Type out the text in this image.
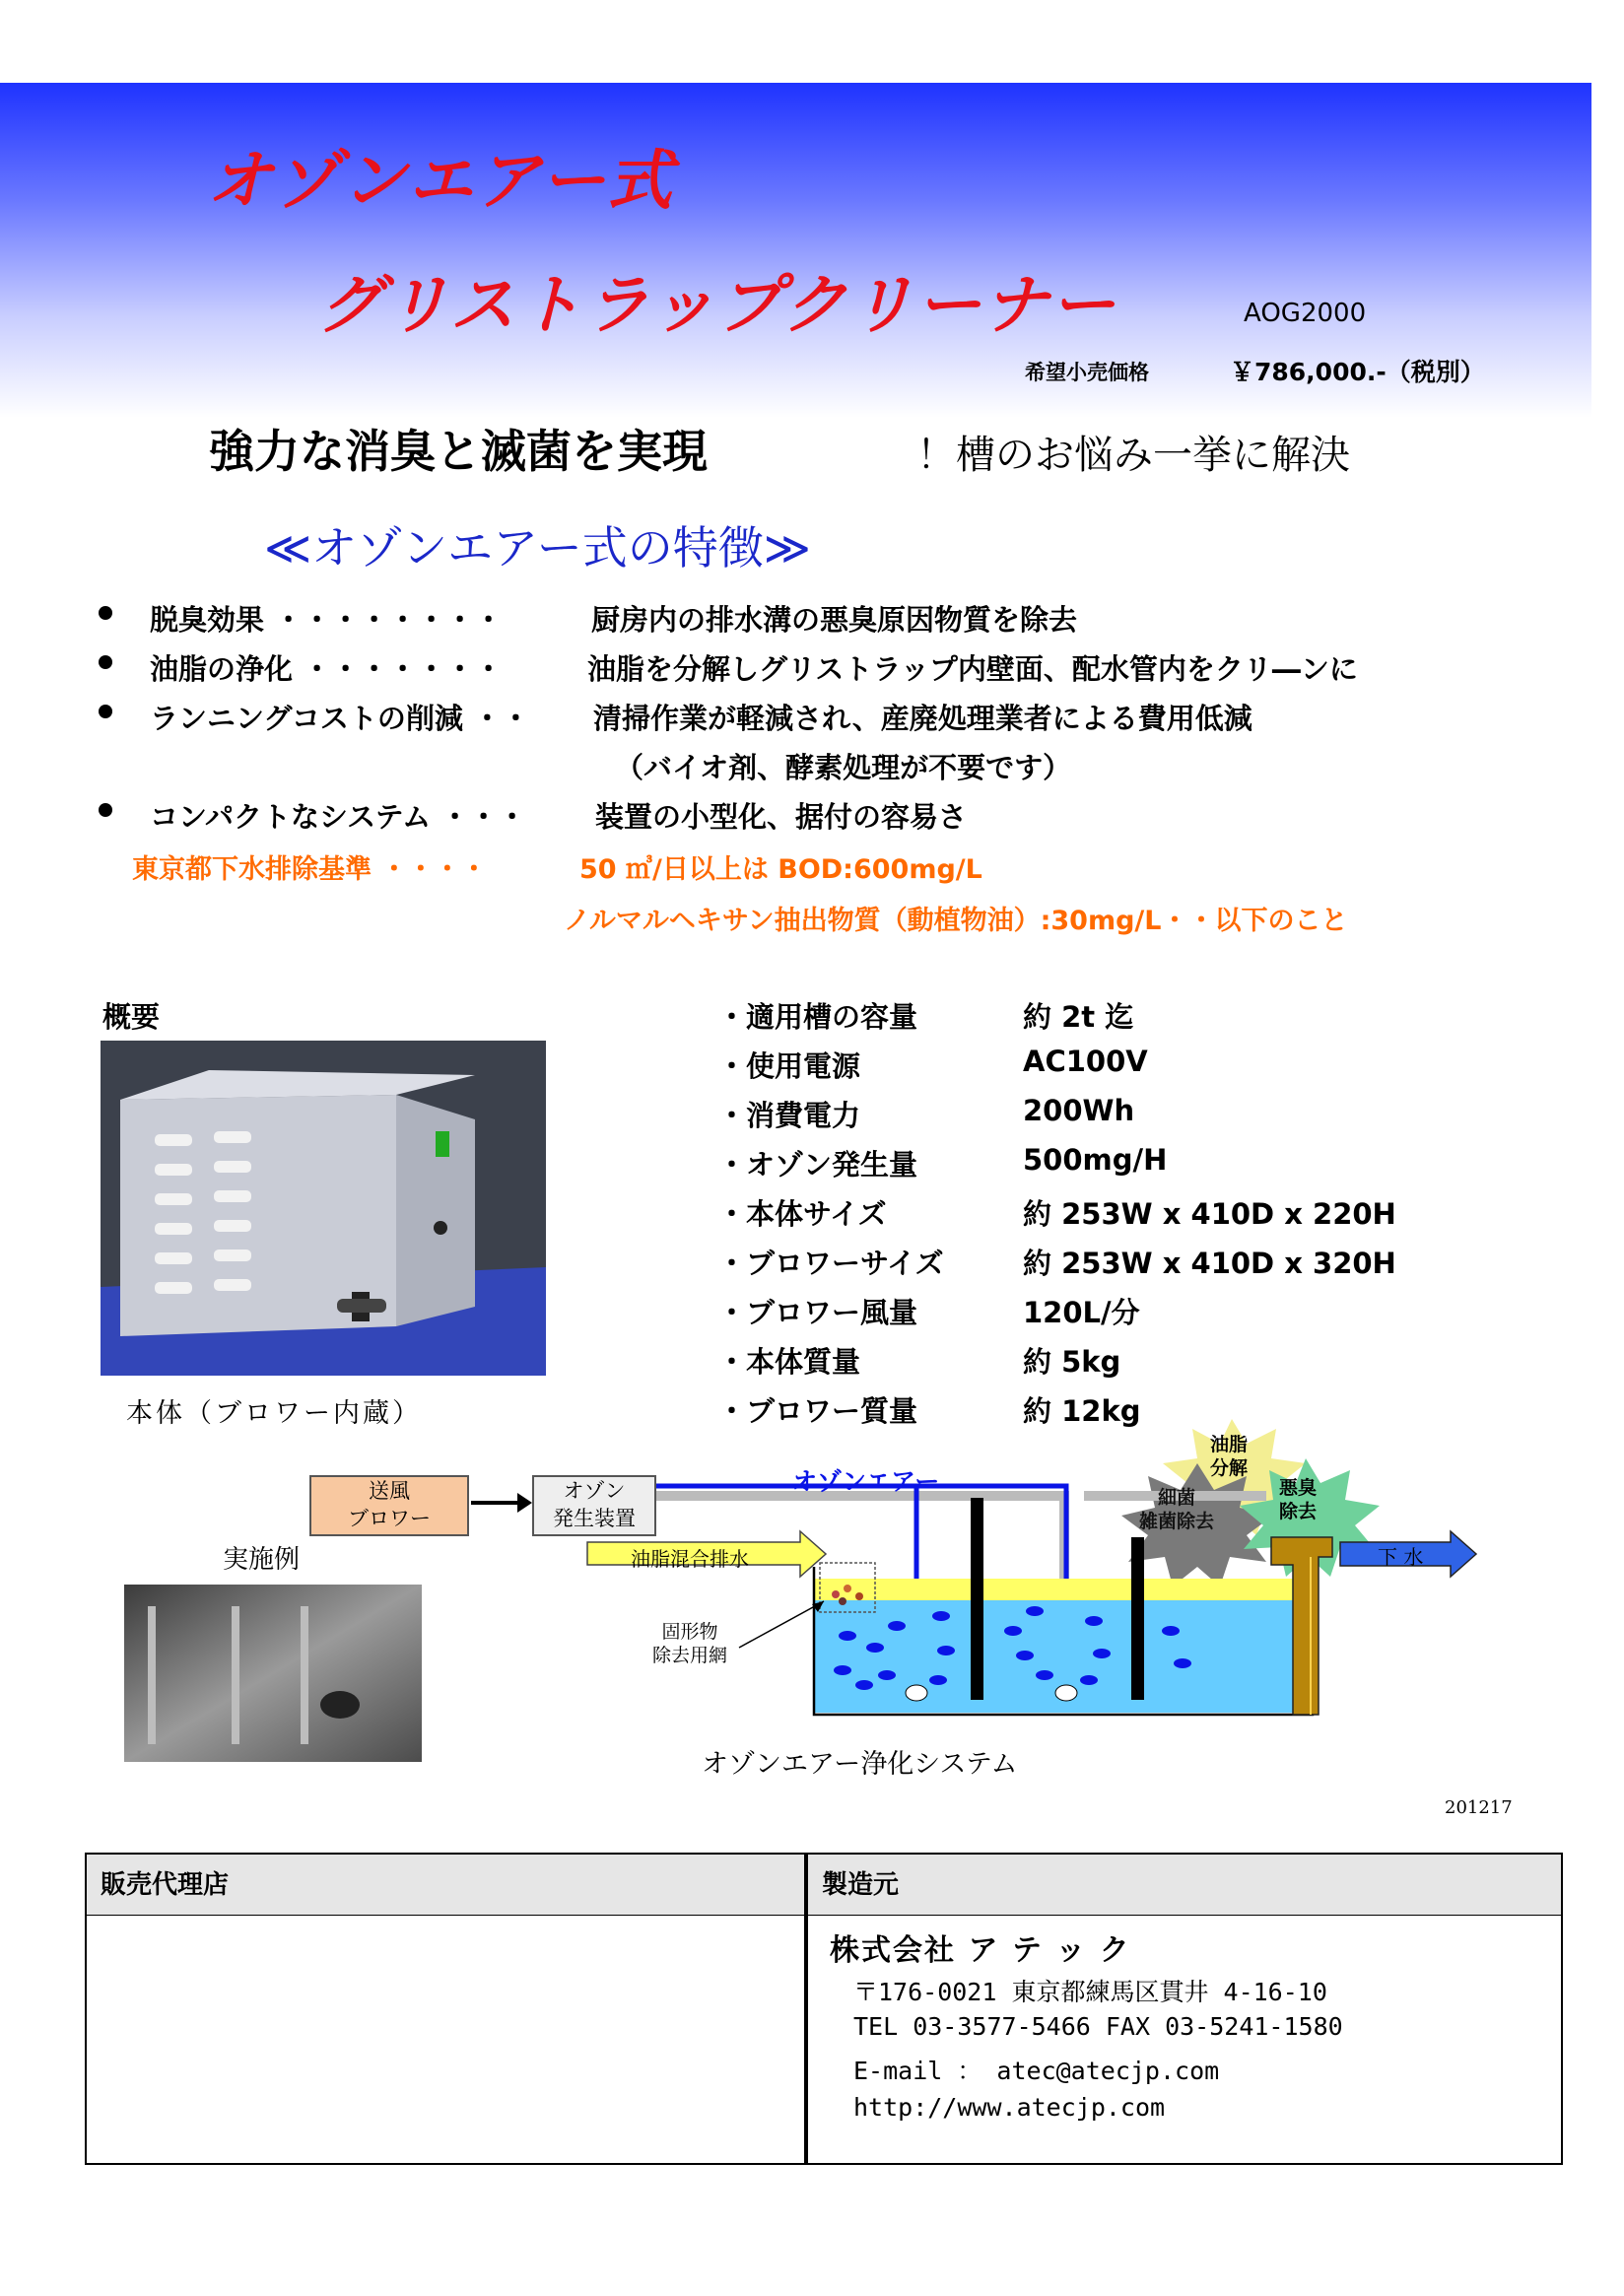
オゾンエアー式
グリストラップクリーナー	AOG2000
希望小売価格	￥786,000.-（税別）
強力な消臭と滅菌を実現	！槽のお悩み一挙に解決
≪オゾンエアー式の特徴≫
脱臭効果 ・・・・・・・・	厨房内の排水溝の悪臭原因物質を除去
油脂の浄化 ・・・・・・・	油脂を分解しグリストラップ内壁面、配水管内をクリ―ンに
ランニングコストの削減 ・・ 清掃作業が軽減され、産廃処理業者による費用低減
（バイオ剤、酵素処理が不要です）
コンパクトなシステム ・・・ 装置の小型化、据付の容易さ
東京都下水排除基準 ・・・・	50 ㎥/日以上は BOD:600mg/L
ノルマルヘキサン抽出物質（動植物油）:30mg/L・・以下のこと
概要
本体（ブロワー内蔵）
・適用槽の容量	約 2t 迄
・使用電源	AC100V
・消費電力	200Wh
・オゾン発生量	500mg/H
・本体サイズ	約 253W x 410D x 220H
・ブロワーサイズ	約 253W x 410D x 320H
・ブロワー風量	120L/分
・本体質量	約 5kg
・ブロワー質量	約 12kg
送風
ブロワー
オゾン
発生装置
オゾンエアー
油脂混合排水
固形物
除去用網
油脂
分解
細菌
雑菌除去
悪臭
除去
下 水
実施例
オゾンエアー浄化システム
201217
販売代理店	製造元
株式会社 ア テ ッ ク
〒176-0021 東京都練馬区貫井 4-16-10
TEL 03-3577-5466 FAX 03-5241-1580
E-mail ： atec@atecjp.com
http://www.atecjp.com
